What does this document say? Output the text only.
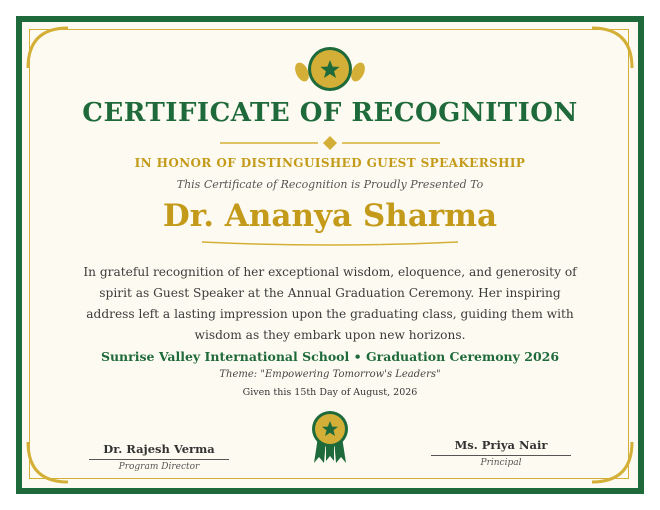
CERTIFICATE OF RECOGNITION
IN HONOR OF DISTINGUISHED GUEST SPEAKERSHIP
This Certificate of Recognition is Proudly Presented To
Dr. Ananya Sharma
In grateful recognition of her exceptional wisdom, eloquence, and generosity of spirit as Guest Speaker at the Annual Graduation Ceremony. Her inspiring address left a lasting impression upon the graduating class, guiding them with wisdom as they embark upon new horizons.
Sunrise Valley International School • Graduation Ceremony 2026
Theme: "Empowering Tomorrow's Leaders"
Given this 15th Day of August, 2026
Dr. Rajesh Verma
Program Director
Ms. Priya Nair
Principal
